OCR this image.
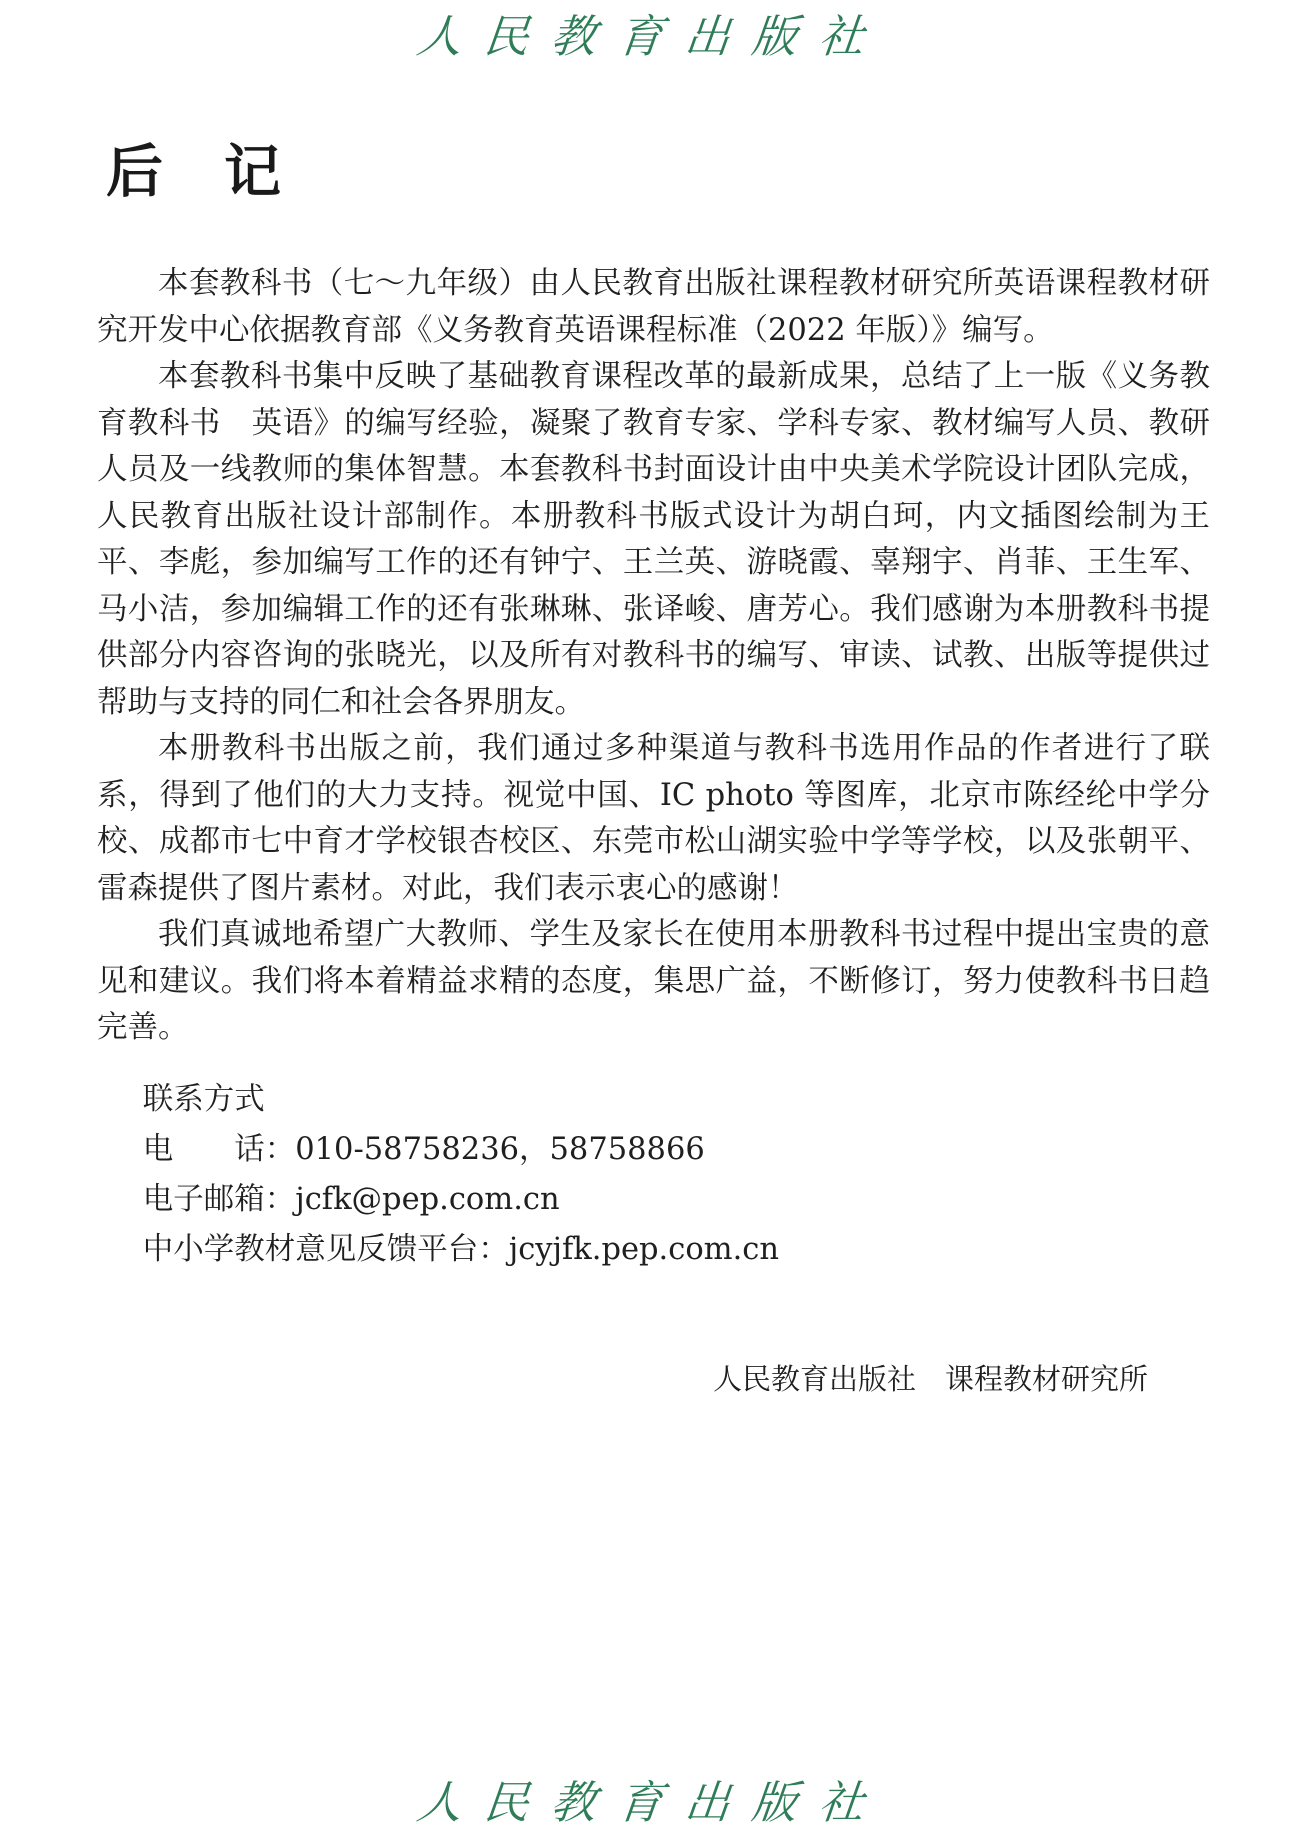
人民教育出版社
后　记

本套教科书（七～九年级）由人民教育出版社课程教材研究所英语课程教材研究开发中心依据教育部《义务教育英语课程标准（2022 年版）》编写。

本套教科书集中反映了基础教育课程改革的最新成果，总结了上一版《义务教育教科书　英语》的编写经验，凝聚了教育专家、学科专家、教材编写人员、教研人员及一线教师的集体智慧。本套教科书封面设计由中央美术学院设计团队完成，人民教育出版社设计部制作。本册教科书版式设计为胡白珂，内文插图绘制为王平、李彪，参加编写工作的还有钟宁、王兰英、游晓霞、辜翔宇、肖菲、王生军、马小洁，参加编辑工作的还有张琳琳、张译峻、唐芳心。我们感谢为本册教科书提供部分内容咨询的张晓光，以及所有对教科书的编写、审读、试教、出版等提供过帮助与支持的同仁和社会各界朋友。

本册教科书出版之前，我们通过多种渠道与教科书选用作品的作者进行了联系，得到了他们的大力支持。视觉中国、IC photo 等图库，北京市陈经纶中学分校、成都市七中育才学校银杏校区、东莞市松山湖实验中学等学校，以及张朝平、雷森提供了图片素材。对此，我们表示衷心的感谢！

我们真诚地希望广大教师、学生及家长在使用本册教科书过程中提出宝贵的意见和建议。我们将本着精益求精的态度，集思广益，不断修订，努力使教科书日趋完善。

联系方式

电　　话：010-58758236，58758866

电子邮箱：jcfk@pep.com.cn

中小学教材意见反馈平台：jcyjfk.pep.com.cn

人民教育出版社　课程教材研究所
人民教育出版社
